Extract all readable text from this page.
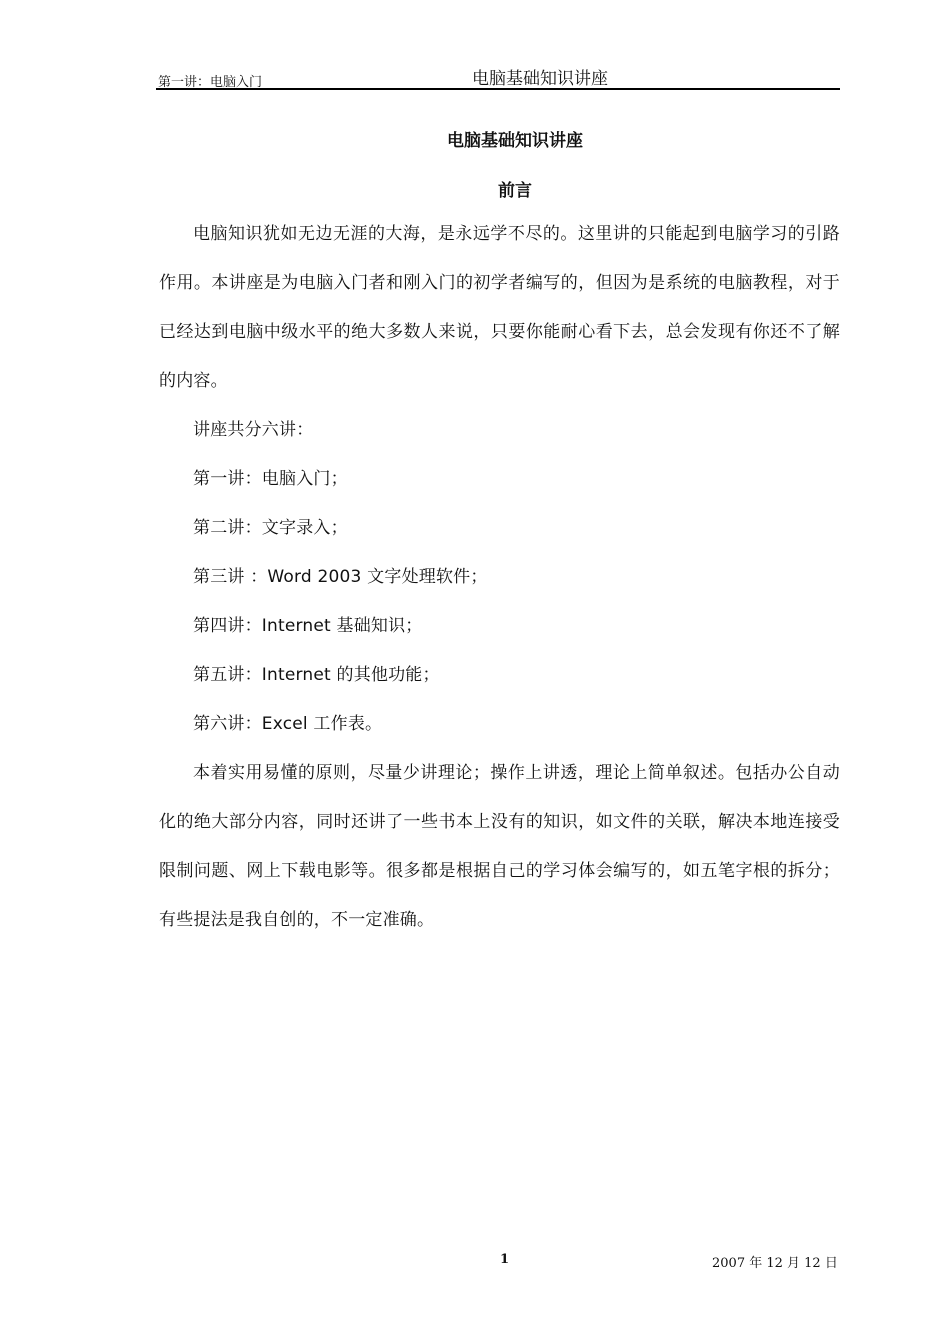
第一讲：电脑入门	电脑基础知识讲座
电脑基础知识讲座
前言

电脑知识犹如无边无涯的大海，是永远学不尽的。这里讲的只能起到电脑学习的引路作用。本讲座是为电脑入门者和刚入门的初学者编写的，但因为是系统的电脑教程，对于已经达到电脑中级水平的绝大多数人来说，只要你能耐心看下去，总会发现有你还不了解的内容。

讲座共分六讲：

第一讲：电脑入门；

第二讲：文字录入；

第三讲 ：Word 2003 文字处理软件；

第四讲：Internet 基础知识；

第五讲：Internet 的其他功能；

第六讲：Excel 工作表。

本着实用易懂的原则，尽量少讲理论；操作上讲透，理论上简单叙述。包括办公自动化的绝大部分内容，同时还讲了一些书本上没有的知识，如文件的关联，解决本地连接受限制问题、网上下载电影等。很多都是根据自己的学习体会编写的，如五笔字根的拆分；有些提法是我自创的，不一定准确。

1	2007 年 12 月 12 日
